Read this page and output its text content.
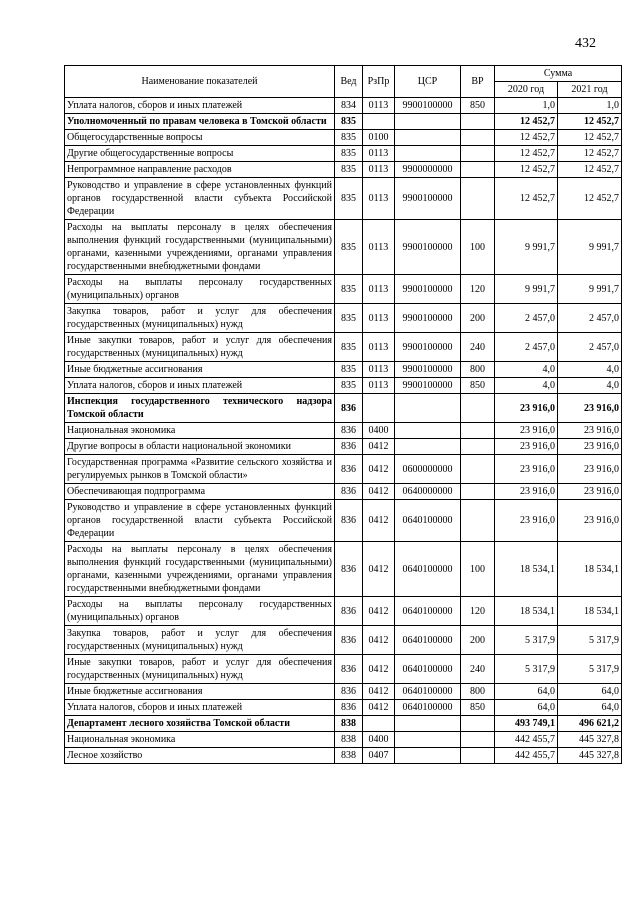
432
Наименование показателей	Вед	РзПр	ЦСР	ВР	Сумма	
					2020 год	2021 год
Уплата налогов, сборов и иных платежей	834	0113	9900100000	850	1,0	1,0
Уполномоченный по правам человека в Томской области	835				12 452,7	12 452,7
Общегосударственные вопросы	835	0100			12 452,7	12 452,7
Другие общегосударственные вопросы	835	0113			12 452,7	12 452,7
Непрограммное направление расходов	835	0113	9900000000		12 452,7	12 452,7
Руководство и управление в сфере установленных функций органов государственной власти субъекта Российской Федерации	835	0113	9900100000		12 452,7	12 452,7
Расходы на выплаты персоналу в целях обеспечения выполнения функций государственными (муниципальными) органами, казенными учреждениями, органами управления государственными внебюджетными фондами	835	0113	9900100000	100	9 991,7	9 991,7
Расходы на выплаты персоналу государственных (муниципальных) органов	835	0113	9900100000	120	9 991,7	9 991,7
Закупка товаров, работ и услуг для обеспечения государственных (муниципальных) нужд	835	0113	9900100000	200	2 457,0	2 457,0
Иные закупки товаров, работ и услуг для обеспечения государственных (муниципальных) нужд	835	0113	9900100000	240	2 457,0	2 457,0
Иные бюджетные ассигнования	835	0113	9900100000	800	4,0	4,0
Уплата налогов, сборов и иных платежей	835	0113	9900100000	850	4,0	4,0
Инспекция государственного технического надзора Томской области	836				23 916,0	23 916,0
Национальная экономика	836	0400			23 916,0	23 916,0
Другие вопросы в области национальной экономики	836	0412			23 916,0	23 916,0
Государственная программа «Развитие сельского хозяйства и регулируемых рынков в Томской области»	836	0412	0600000000		23 916,0	23 916,0
Обеспечивающая подпрограмма	836	0412	0640000000		23 916,0	23 916,0
Руководство и управление в сфере установленных функций органов государственной власти субъекта Российской Федерации	836	0412	0640100000		23 916,0	23 916,0
Расходы на выплаты персоналу в целях обеспечения выполнения функций государственными (муниципальными) органами, казенными учреждениями, органами управления государственными внебюджетными фондами	836	0412	0640100000	100	18 534,1	18 534,1
Расходы на выплаты персоналу государственных (муниципальных) органов	836	0412	0640100000	120	18 534,1	18 534,1
Закупка товаров, работ и услуг для обеспечения государственных (муниципальных) нужд	836	0412	0640100000	200	5 317,9	5 317,9
Иные закупки товаров, работ и услуг для обеспечения государственных (муниципальных) нужд	836	0412	0640100000	240	5 317,9	5 317,9
Иные бюджетные ассигнования	836	0412	0640100000	800	64,0	64,0
Уплата налогов, сборов и иных платежей	836	0412	0640100000	850	64,0	64,0
Департамент лесного хозяйства Томской области	838				493 749,1	496 621,2
Национальная экономика	838	0400			442 455,7	445 327,8
Лесное хозяйство	838	0407			442 455,7	445 327,8
